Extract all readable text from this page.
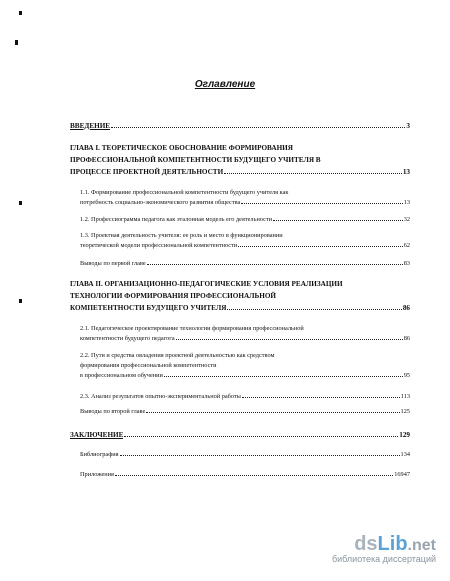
Оглавление
ВВЕДЕНИЕ	3
ГЛАВА I. ТЕОРЕТИЧЕСКОЕ ОБОСНОВАНИЕ ФОРМИРОВАНИЯ
ПРОФЕССИОНАЛЬНОЙ КОМПЕТЕНТНОСТИ БУДУЩЕГО УЧИТЕЛЯ В
ПРОЦЕССЕ ПРОЕКТНОЙ ДЕЯТЕЛЬНОСТИ	13
1.1. Формирование профессиональной компетентности будущего учителя как
потребность социально-экономического развития общества	13
1.2. Профессиограмма педагога как эталонная модель его деятельности	32
1.3. Проектная деятельность учителя: ее роль и место в функционировании
теоретической модели профессиональной компетентности	62
Выводы по первой главе	83
ГЛАВА II. ОРГАНИЗАЦИОННО-ПЕДАГОГИЧЕСКИЕ УСЛОВИЯ РЕАЛИЗАЦИИ
ТЕХНОЛОГИИ ФОРМИРОВАНИЯ ПРОФЕССИОНАЛЬНОЙ
КОМПЕТЕНТНОСТИ БУДУЩЕГО УЧИТЕЛЯ	86
2.1. Педагогическое проектирование технологии формирования профессиональной
компетентности будущего педагога	86
2.2. Пути и средства овладения проектной деятельностью как средством
формирования профессиональной компетентности
в профессиональном обучении	95
2.3. Анализ результатов опытно-экспериментальной работы	113
Выводы по второй главе	125
ЗАКЛЮЧЕНИЕ	129
Библиография	134
Приложения	16947
dsLib.net
библиотека диссертаций
